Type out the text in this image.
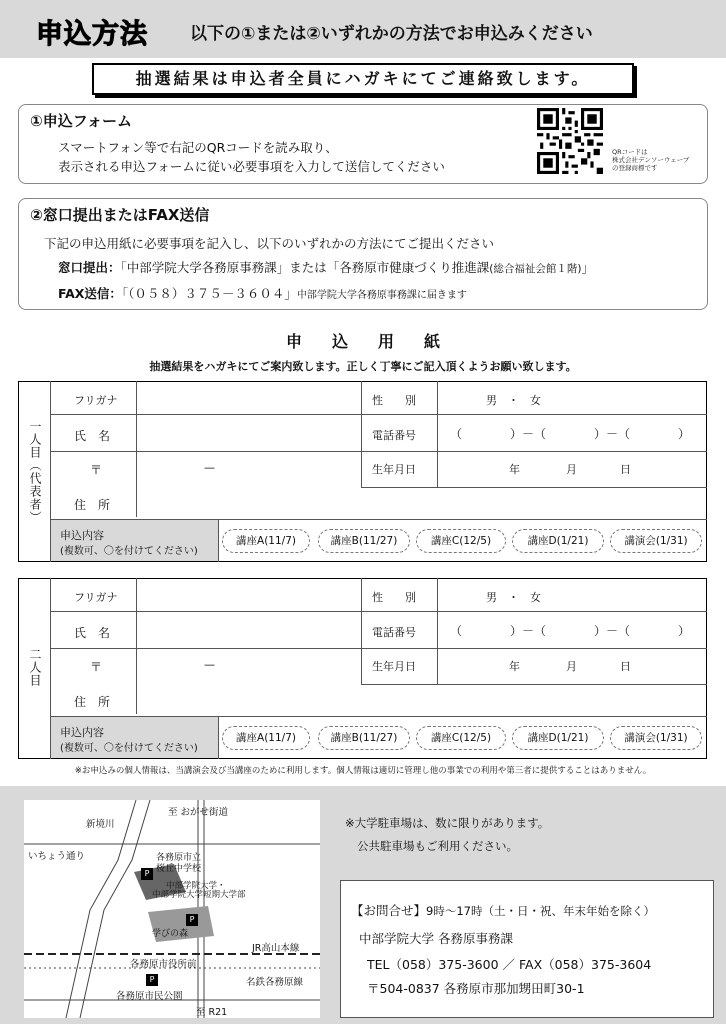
申込方法 以下の①または②いずれかの方法でお申込みください
抽選結果は申込者全員にハガキにてご連絡致します。
①申込フォーム
スマートフォン等で右記のQRコードを読み取り、
表示される申込フォームに従い必要事項を入力して送信してください
QRコードは
株式会社デンソーウェーブ
の登録商標です
②窓口提出またはFAX送信
下記の申込用紙に必要事項を記入し、以下のいずれかの方法にてご提出ください
窓口提出：「中部学院大学各務原事務課」または「各務原市健康づくり推進課(総合福祉会館１階)」
FAX送信：「（０５８）３７５－３６０４」中部学院大学各務原事務課に届きます
申込用紙
抽選結果をハガキにてご案内致します。正しく丁寧にご記入頂くようお願い致します。
一人目（代表者）
フリガナ
氏　名
〒	—
住　所
性　　別	男　・　女
電話番号	（　　　　）－（　　　　）－（　　　　）
生年月日	年	月	日
申込内容
(複数可、〇を付けてください)
講座A(11/7)	講座B(11/27)	講座C(12/5)	講座D(1/21)	講演会(1/31)
二人目
フリガナ
氏　名
〒	—
住　所
性　　別	男　・　女
電話番号	（　　　　）－（　　　　）－（　　　　）
生年月日	年	月	日
申込内容
(複数可、〇を付けてください)
講座A(11/7)	講座B(11/27)	講座C(12/5)	講座D(1/21)	講演会(1/31)
※お申込みの個人情報は、当講演会及び当講座のために利用します。個人情報は適切に管理し他の事業での利用や第三者に提供することはありません。
至 おがせ街道
新境川
いちょう通り	各務原市立
桜丘中学校
P
中部学院大学・
中部学院大学短期大学部
P
学びの森
JR高山本線
各務原市役所前
名鉄各務原線
P
各務原市民公園
至 R21
※大学駐車場は、数に限りがあります。
公共駐車場もご利用ください。
【お問合せ】9時～17時（土・日・祝、年末年始を除く）
中部学院大学 各務原事務課
TEL（058）375-3600 ／ FAX（058）375-3604
〒504-0837 各務原市那加甥田町30-1
